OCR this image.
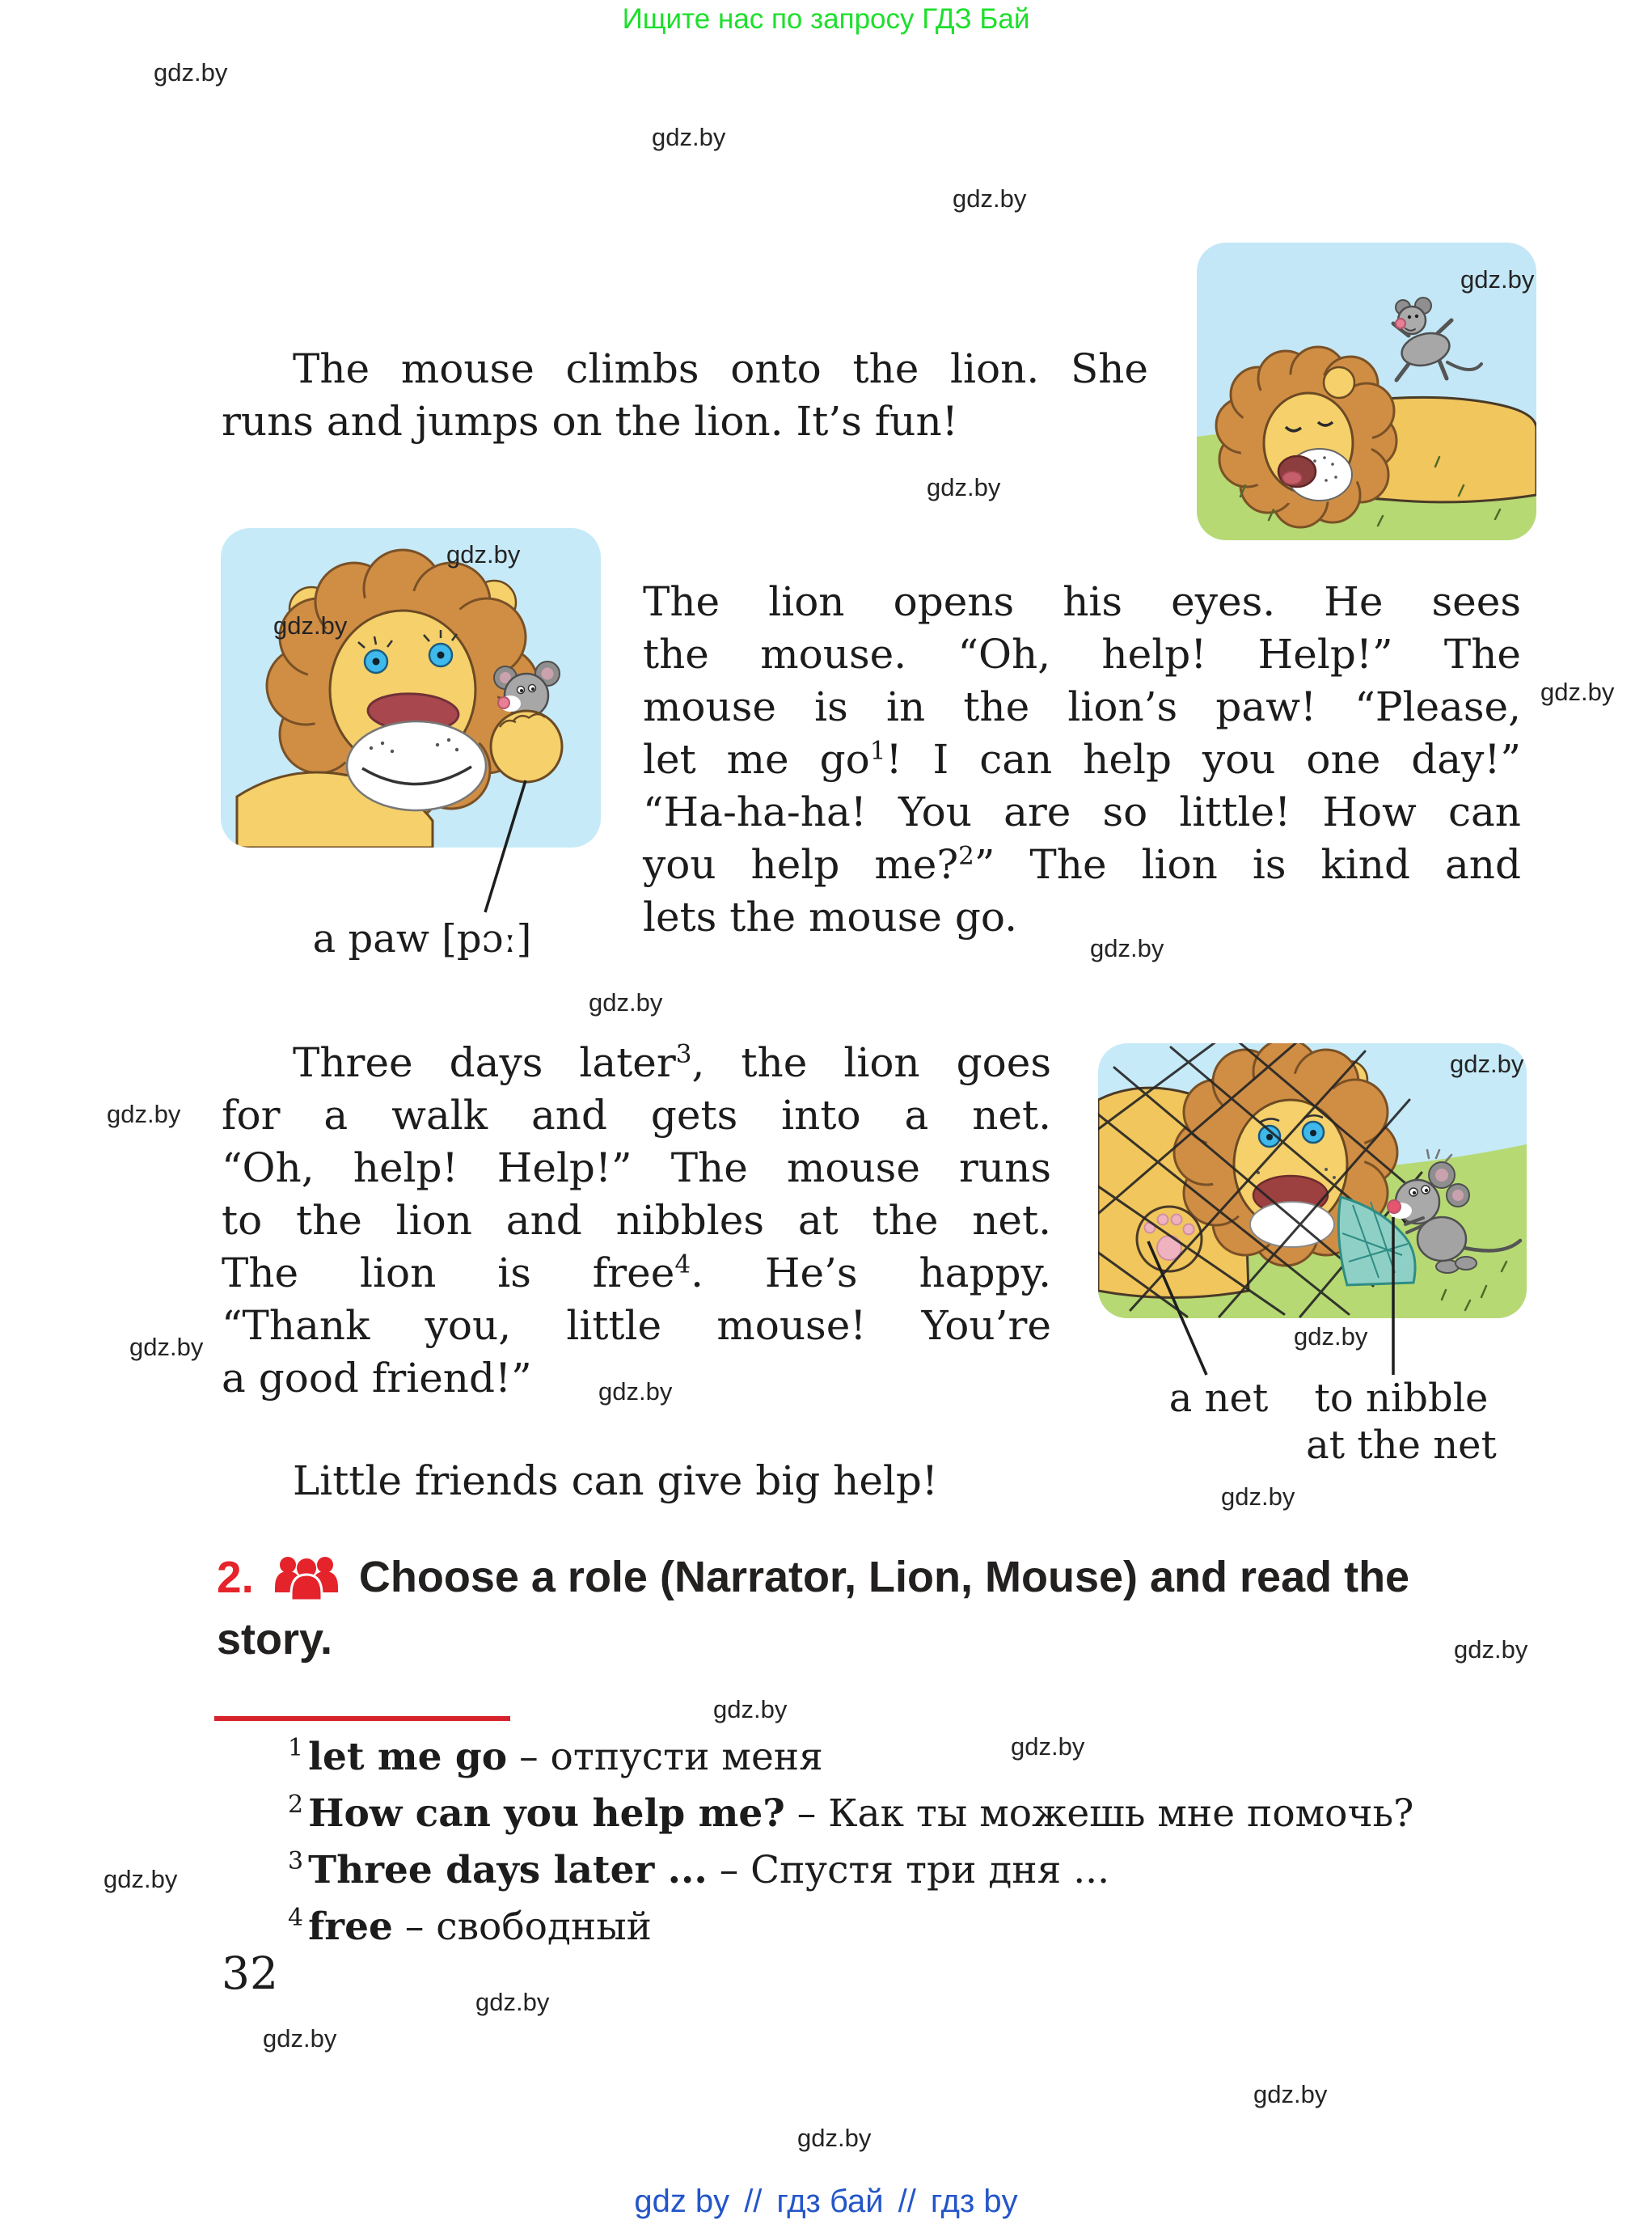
Ищите нас по запросу ГДЗ Бай
gdz.by
gdz.by
gdz.by
gdz.by
gdz.by
gdz.by
gdz.by
gdz.by
gdz.by
gdz.by
gdz.by
gdz.by
gdz.by
gdz.by
gdz.by
gdz.by
gdz.by
gdz.by
gdz.by
gdz.by
gdz.by
gdz.by
gdz.by
gdz.by
The mouse climbs onto the lion. She
runs and jumps on the lion. It’s fun!
The lion opens his eyes. He sees
the mouse. “Oh, help! Help!” The
mouse is in the lion’s paw! “Please,
let me $go^1$! I can help you one day!”
“Ha-ha-ha! You are so little! How can
you help me?$^2$” The lion is kind and
lets the mouse go.
Three days later$^3$, the lion goes
for a walk and gets into a net.
“Oh, help! Help!” The mouse runs
to the lion and nibbles at the net.
The lion is free$^4$. He’s happy.
“Thank you, little mouse! You’re
a good friend!”
Little friends can give big help!
a paw [pɔː]
a net	to nibble
at the net
2. Choose a role (Narrator, Lion, Mouse) and read the
story.
$^1$ let me go – отпусти меня
$^2$ How can you help me? – Как ты можешь мне помочь?
$^3$ Three days later ... – Спустя три дня ...
$^4$ free – свободный
32
gdz by // гдз бай // гдз by
